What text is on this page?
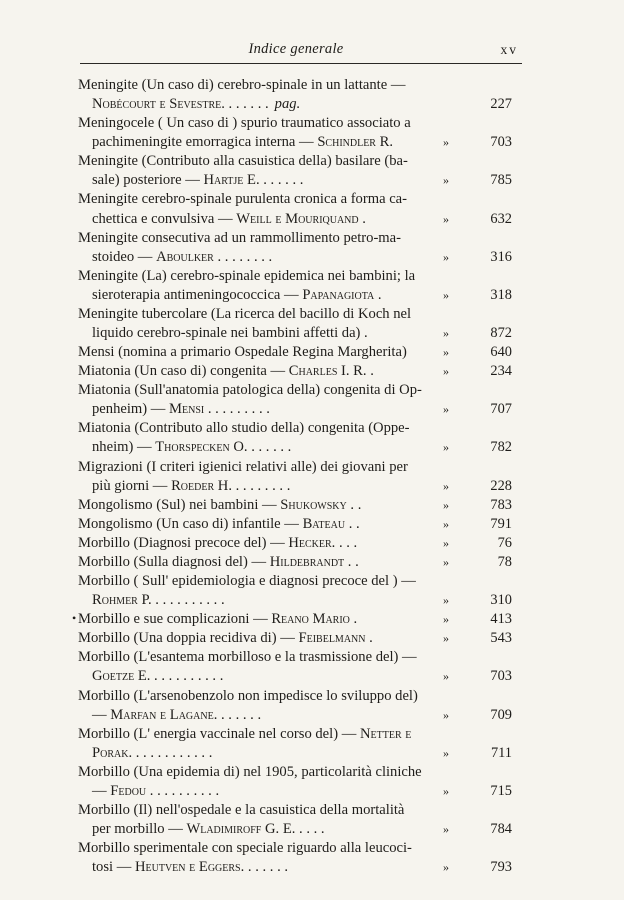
Indice generale	xv
Meningite (Un caso di) cerebro-spinale in un lattante —
Nobécourt e Sevestre. . . . . . . pag.	227
Meningocele ( Un caso di ) spurio traumatico associato a
pachimeningite emorragica interna — Schindler R.	»	703
Meningite (Contributo alla casuistica della) basilare (ba-
sale) posteriore — Hartje E. . . . . . .	»	785
Meningite cerebro-spinale purulenta cronica a forma ca-
chettica e convulsiva — Weill e Mouriquand .	»	632
Meningite consecutiva ad un rammollimento petro-ma-
stoideo — Aboulker . . . . . . . .	»	316
Meningite (La) cerebro-spinale epidemica nei bambini; la
sieroterapia antimeningococcica — Papanagiota .	»	318
Meningite tubercolare (La ricerca del bacillo di Koch nel
liquido cerebro-spinale nei bambini affetti da) .	»	872
Mensi (nomina a primario Ospedale Regina Margherita)	»	640
Miatonia (Un caso di) congenita — Charles I. R. .	»	234
Miatonia (Sull'anatomia patologica della) congenita di Op-
penheim) — Mensi . . . . . . . . .	»	707
Miatonia (Contributo allo studio della) congenita (Oppe-
nheim) — Thorspecken O. . . . . . .	»	782
Migrazioni (I criteri igienici relativi alle) dei giovani per
più giorni — Roeder H. . . . . . . . .	»	228
Mongolismo (Sul) nei bambini — Shukowsky . .	»	783
Mongolismo (Un caso di) infantile — Bateau . .	»	791
Morbillo (Diagnosi precoce del) — Hecker. . . .	»	76
Morbillo (Sulla diagnosi del) — Hildebrandt . .	»	78
Morbillo ( Sull' epidemiologia e diagnosi precoce del ) —
Rohmer P. . . . . . . . . . .	»	310
• Morbillo e sue complicazioni — Reano Mario .	»	413
Morbillo (Una doppia recidiva di) — Feibelmann .	»	543
Morbillo (L'esantema morbilloso e la trasmissione del) —
Goetze E. . . . . . . . . . .	»	703
Morbillo (L'arsenobenzolo non impedisce lo sviluppo del)
— Marfan e Lagane. . . . . . .	»	709
Morbillo (L' energia vaccinale nel corso del) — Netter e
Porak. . . . . . . . . . . .	»	711
Morbillo (Una epidemia di) nel 1905, particolarità cliniche
— Fedou . . . . . . . . . .	»	715
Morbillo (Il) nell'ospedale e la casuistica della mortalità
per morbillo — Wladimiroff G. E. . . . .	»	784
Morbillo sperimentale con speciale riguardo alla leucoci-
tosi — Heutven e Eggers. . . . . . .	»	793
